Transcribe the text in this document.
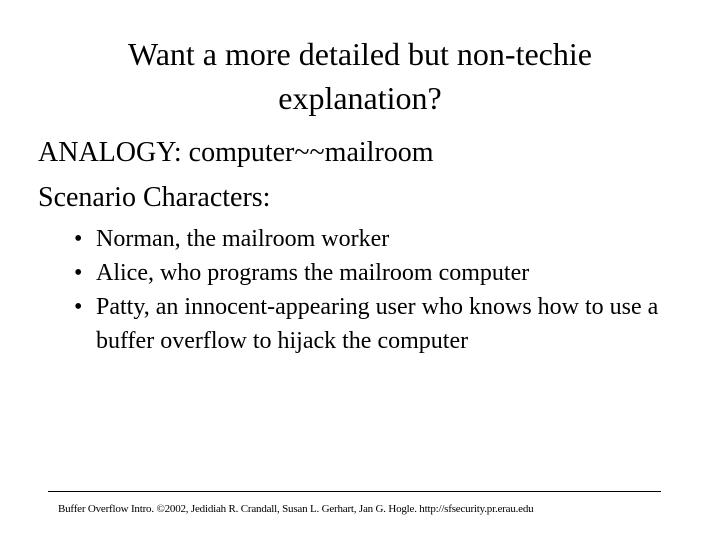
Want a more detailed but non-techie explanation?
ANALOGY: computer~~mailroom
Scenario Characters:
• Norman, the mailroom worker
• Alice, who programs the mailroom computer
• Patty, an innocent-appearing user who knows how to use a buffer overflow to hijack the computer
Buffer Overflow Intro. ©2002, Jedidiah R. Crandall, Susan L. Gerhart, Jan G. Hogle. http://sfsecurity.pr.erau.edu
